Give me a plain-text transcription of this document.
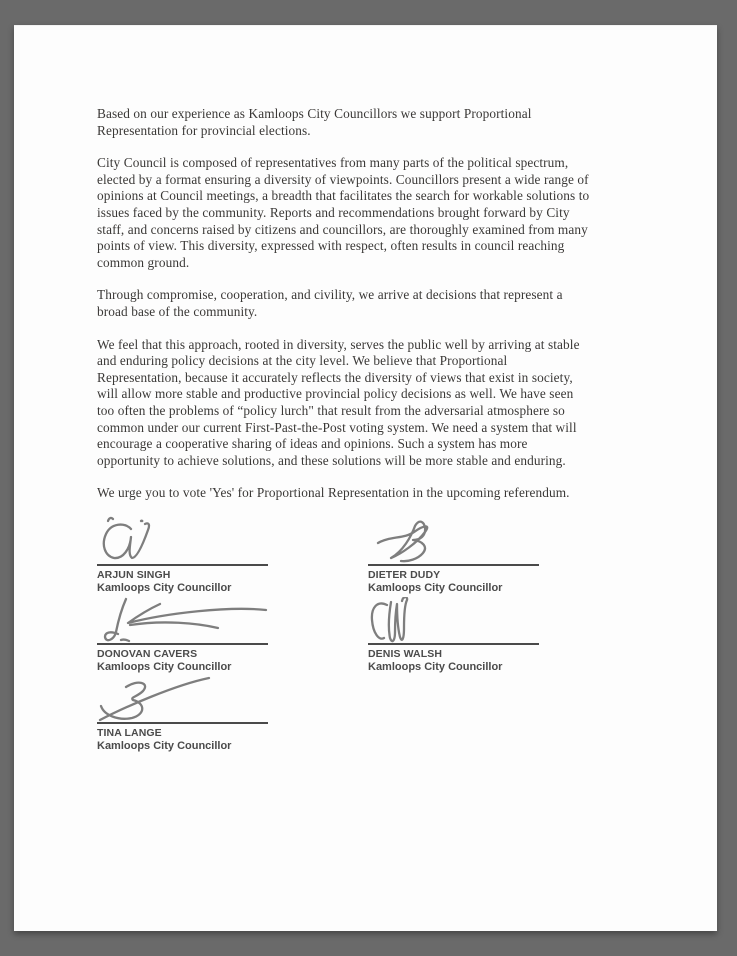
Based on our experience as Kamloops City Councillors we support Proportional Representation for provincial elections.

City Council is composed of representatives from many parts of the political spectrum, elected by a format ensuring a diversity of viewpoints. Councillors present a wide range of opinions at Council meetings, a breadth that facilitates the search for workable solutions to issues faced by the community. Reports and recommendations brought forward by City staff, and concerns raised by citizens and councillors, are thoroughly examined from many points of view. This diversity, expressed with respect, often results in council reaching common ground.

Through compromise, cooperation, and civility, we arrive at decisions that represent a broad base of the community.

We feel that this approach, rooted in diversity, serves the public well by arriving at stable and enduring policy decisions at the city level. We believe that Proportional Representation, because it accurately reflects the diversity of views that exist in society, will allow more stable and productive provincial policy decisions as well. We have seen too often the problems of “policy lurch" that result from the adversarial atmosphere so common under our current First-Past-the-Post voting system. We need a system that will encourage a cooperative sharing of ideas and opinions. Such a system has more opportunity to achieve solutions, and these solutions will be more stable and enduring.

We urge you to vote 'Yes' for Proportional Representation in the upcoming referendum.

ARJUN SINGH
Kamloops City Councillor
DIETER DUDY
Kamloops City Councillor
DONOVAN CAVERS
Kamloops City Councillor
DENIS WALSH
Kamloops City Councillor
TINA LANGE
Kamloops City Councillor
